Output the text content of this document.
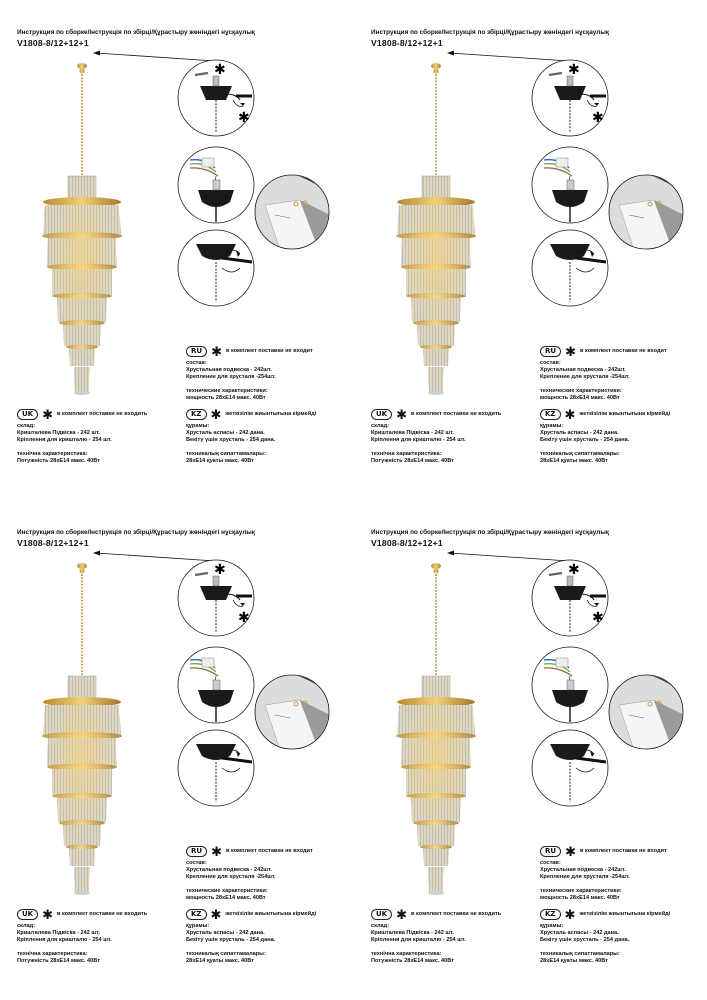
Инструкция по сборке/Інструкція по збірці/Құрастыру жөніндегі нұсқаулық
V1808-8/12+12+1
✱
✱
RU ✱ в комплект поставки не входит
состав:
Хрустальная подвеска - 242шт.
Крепление для хрусталя -254шт.
технические характеристики:
мощность 28xE14 макс. 40Вт
UK ✱ в комплект поставки не входить
склад:
Кришталева Підвіска - 242 шт.
Кріплення для кришталю - 254 шт.
технічна характеристика:
Потужність 28xE14 макс. 40Вт
KZ ✱ жеткізілім жиынтығына кірмейді
құрамы:
Хрусталь аспасы - 242 дана.
Бекіту үшін хрусталь - 254 дана.
техникалық сипаттамалары:
28xE14 қуаты макс. 40Вт
Инструкция по сборке/Інструкція по збірці/Құрастыру жөніндегі нұсқаулық
V1808-8/12+12+1
✱
✱
RU ✱ в комплект поставки не входит
состав:
Хрустальная подвеска - 242шт.
Крепление для хрусталя -254шт.
технические характеристики:
мощность 28xE14 макс. 40Вт
UK ✱ в комплект поставки не входить
склад:
Кришталева Підвіска - 242 шт.
Кріплення для кришталю - 254 шт.
технічна характеристика:
Потужність 28xE14 макс. 40Вт
KZ ✱ жеткізілім жиынтығына кірмейді
құрамы:
Хрусталь аспасы - 242 дана.
Бекіту үшін хрусталь - 254 дана.
техникалық сипаттамалары:
28xE14 қуаты макс. 40Вт
Инструкция по сборке/Інструкція по збірці/Құрастыру жөніндегі нұсқаулық
V1808-8/12+12+1
✱
✱
RU ✱ в комплект поставки не входит
состав:
Хрустальная подвеска - 242шт.
Крепление для хрусталя -254шт.
технические характеристики:
мощность 28xE14 макс. 40Вт
UK ✱ в комплект поставки не входить
склад:
Кришталева Підвіска - 242 шт.
Кріплення для кришталю - 254 шт.
технічна характеристика:
Потужність 28xE14 макс. 40Вт
KZ ✱ жеткізілім жиынтығына кірмейді
құрамы:
Хрусталь аспасы - 242 дана.
Бекіту үшін хрусталь - 254 дана.
техникалық сипаттамалары:
28xE14 қуаты макс. 40Вт
Инструкция по сборке/Інструкція по збірці/Құрастыру жөніндегі нұсқаулық
V1808-8/12+12+1
✱
✱
RU ✱ в комплект поставки не входит
состав:
Хрустальная подвеска - 242шт.
Крепление для хрусталя -254шт.
технические характеристики:
мощность 28xE14 макс. 40Вт
UK ✱ в комплект поставки не входить
склад:
Кришталева Підвіска - 242 шт.
Кріплення для кришталю - 254 шт.
технічна характеристика:
Потужність 28xE14 макс. 40Вт
KZ ✱ жеткізілім жиынтығына кірмейді
құрамы:
Хрусталь аспасы - 242 дана.
Бекіту үшін хрусталь - 254 дана.
техникалық сипаттамалары:
28xE14 қуаты макс. 40Вт
